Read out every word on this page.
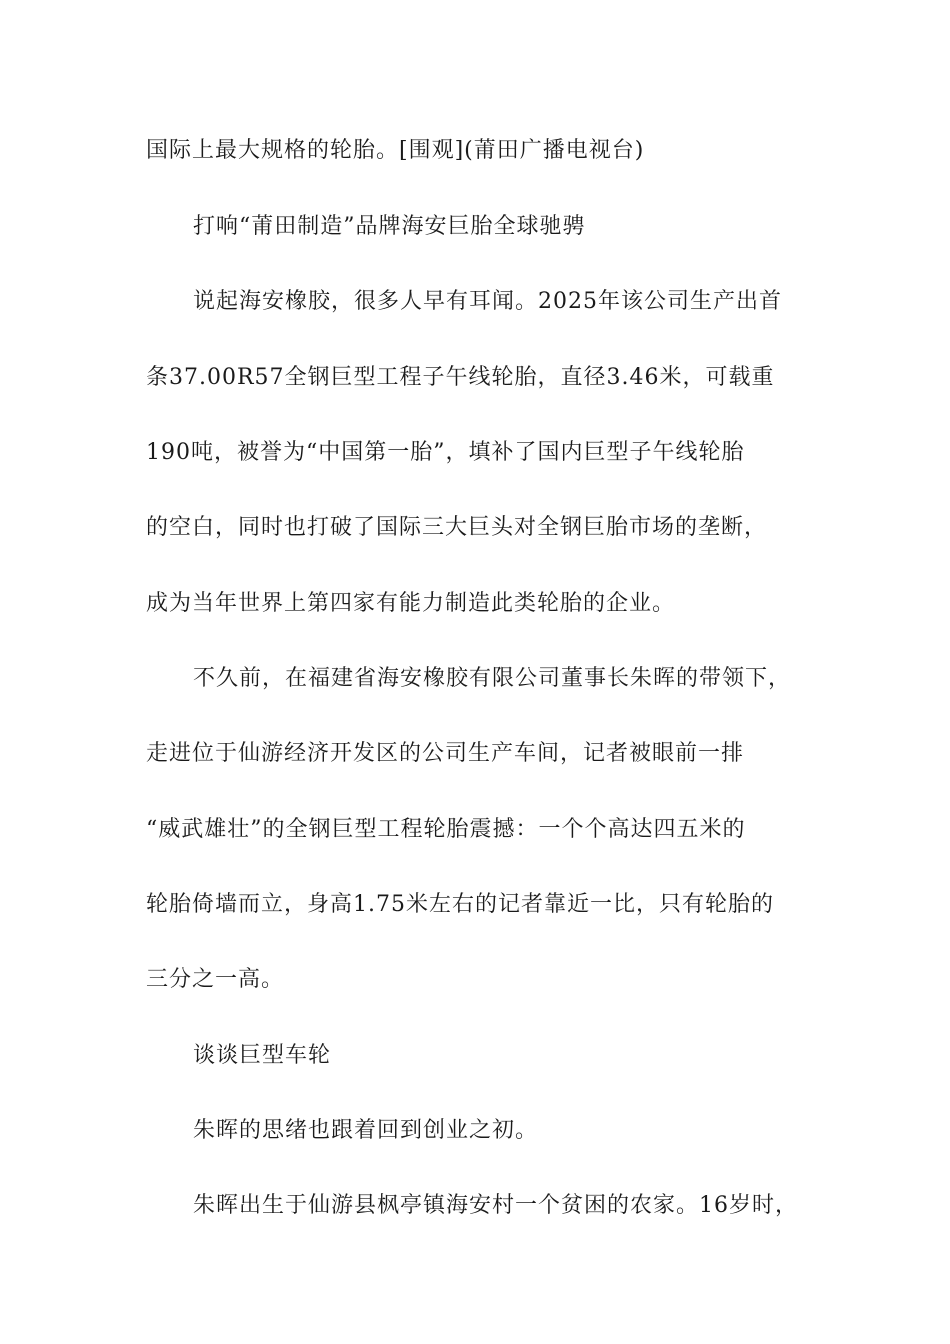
国际上最大规格的轮胎。[围观](莆田广播电视台)
打响“莆田制造”品牌海安巨胎全球驰骋
说起海安橡胶，很多人早有耳闻。2025年该公司生产出首
条37.00R57全钢巨型工程子午线轮胎，直径3.46米，可载重
190吨，被誉为“中国第一胎”，填补了国内巨型子午线轮胎
的空白，同时也打破了国际三大巨头对全钢巨胎市场的垄断，
成为当年世界上第四家有能力制造此类轮胎的企业。
不久前，在福建省海安橡胶有限公司董事长朱晖的带领下，
走进位于仙游经济开发区的公司生产车间，记者被眼前一排
“威武雄壮”的全钢巨型工程轮胎震撼：一个个高达四五米的
轮胎倚墙而立，身高1.75米左右的记者靠近一比，只有轮胎的
三分之一高。
谈谈巨型车轮
朱晖的思绪也跟着回到创业之初。
朱晖出生于仙游县枫亭镇海安村一个贫困的农家。16岁时，
